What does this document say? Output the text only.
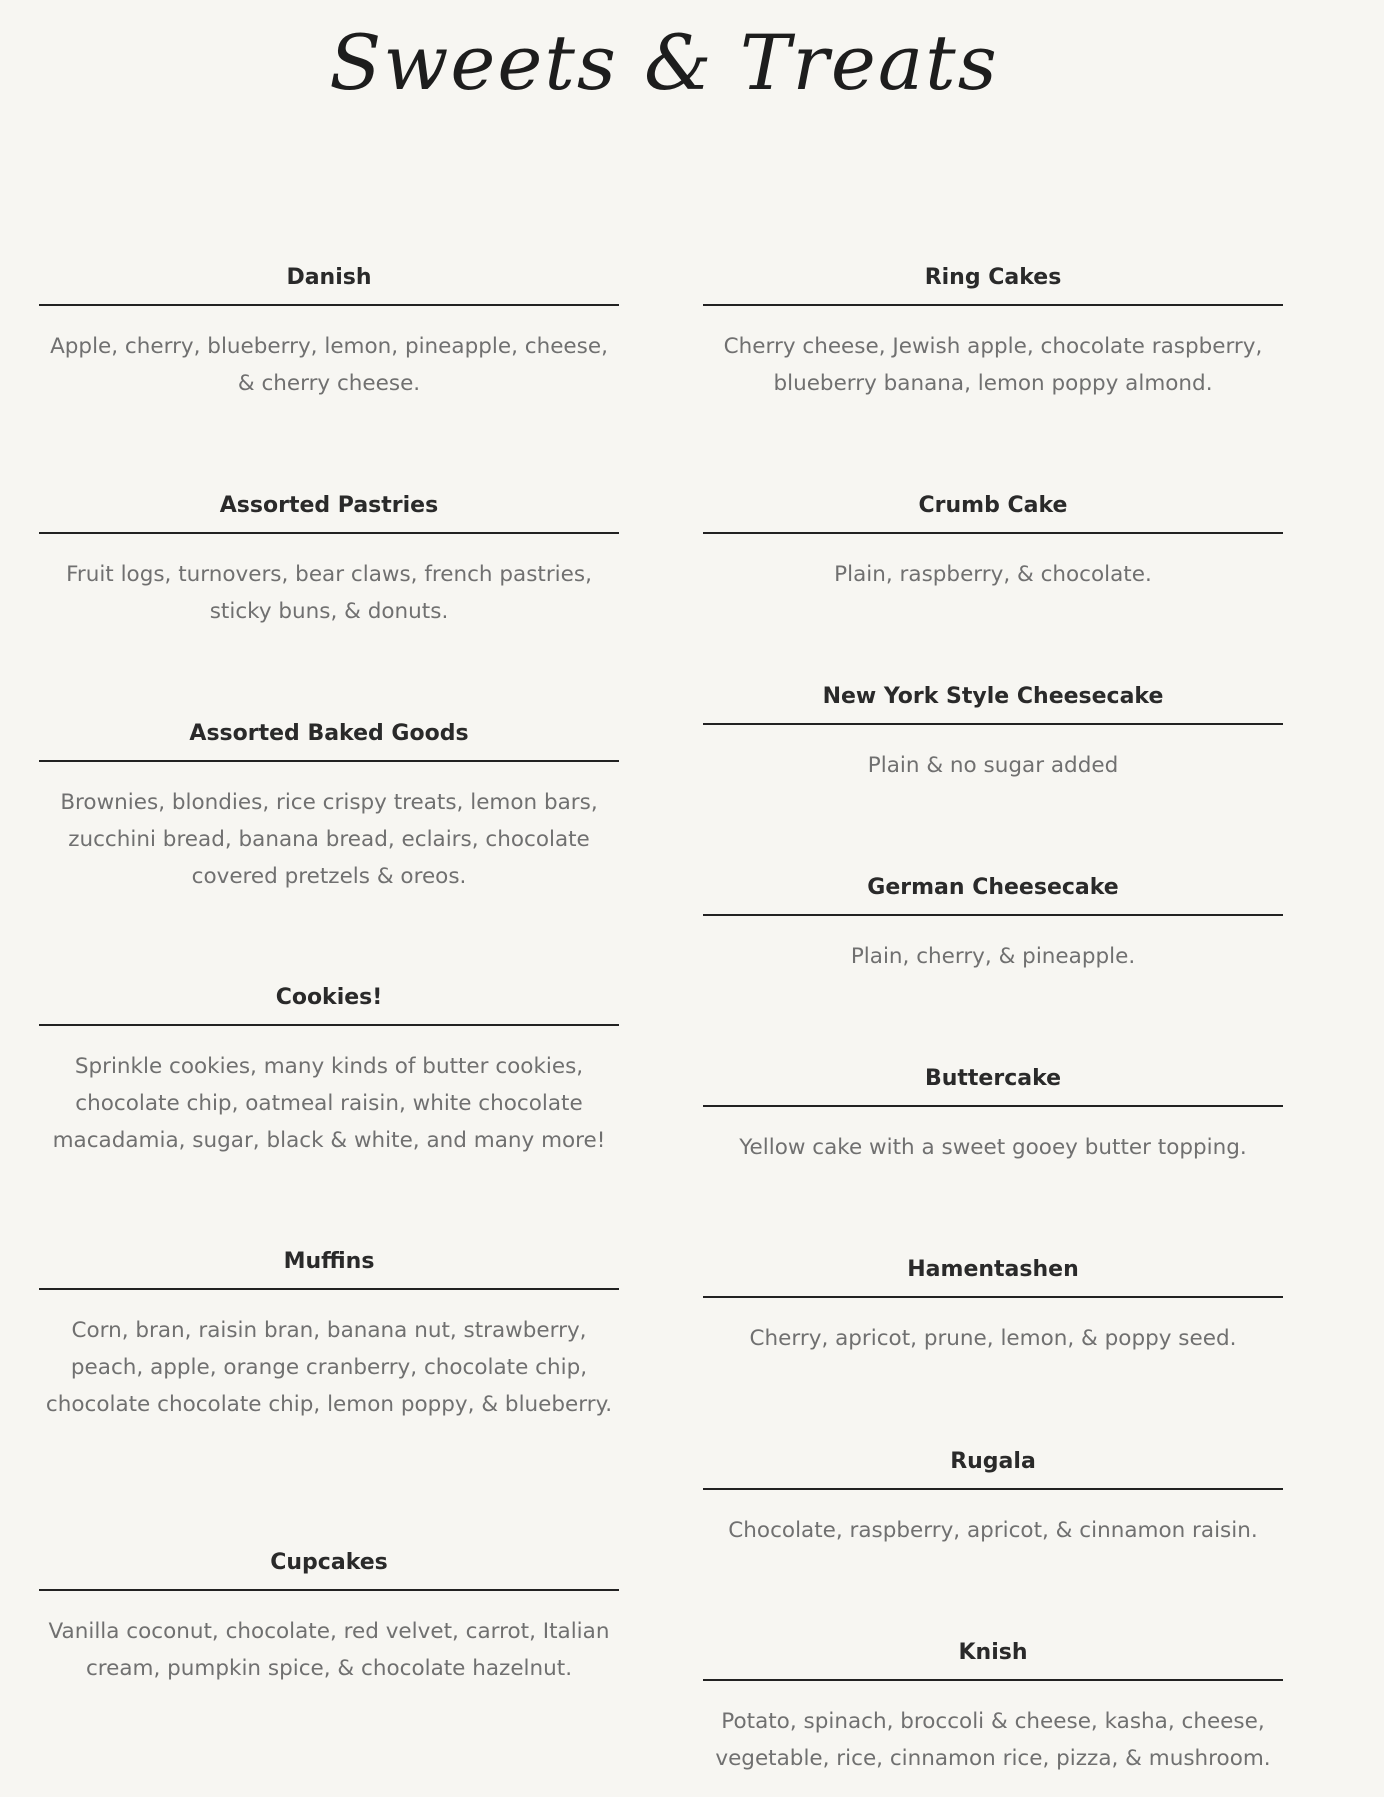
Sweets & Treats
Danish
Apple, cherry, blueberry, lemon, pineapple, cheese, & cherry cheese.
Assorted Pastries
Fruit logs, turnovers, bear claws, french pastries, sticky buns, & donuts.
Assorted Baked Goods
Brownies, blondies, rice crispy treats, lemon bars, zucchini bread, banana bread, eclairs, chocolate covered pretzels & oreos.
Cookies!
Sprinkle cookies, many kinds of butter cookies, chocolate chip, oatmeal raisin, white chocolate macadamia, sugar, black & white, and many more!
Muffins
Corn, bran, raisin bran, banana nut, strawberry, peach, apple, orange cranberry, chocolate chip, chocolate chocolate chip, lemon poppy, & blueberry.
Cupcakes
Vanilla coconut, chocolate, red velvet, carrot, Italian cream, pumpkin spice, & chocolate hazelnut.
Ring Cakes
Cherry cheese, Jewish apple, chocolate raspberry, blueberry banana, lemon poppy almond.
Crumb Cake
Plain, raspberry, & chocolate.
New York Style Cheesecake
Plain & no sugar added
German Cheesecake
Plain, cherry, & pineapple.
Buttercake
Yellow cake with a sweet gooey butter topping.
Hamentashen
Cherry, apricot, prune, lemon, & poppy seed.
Rugala
Chocolate, raspberry, apricot, & cinnamon raisin.
Knish
Potato, spinach, broccoli & cheese, kasha, cheese, vegetable, rice, cinnamon rice, pizza, & mushroom.
